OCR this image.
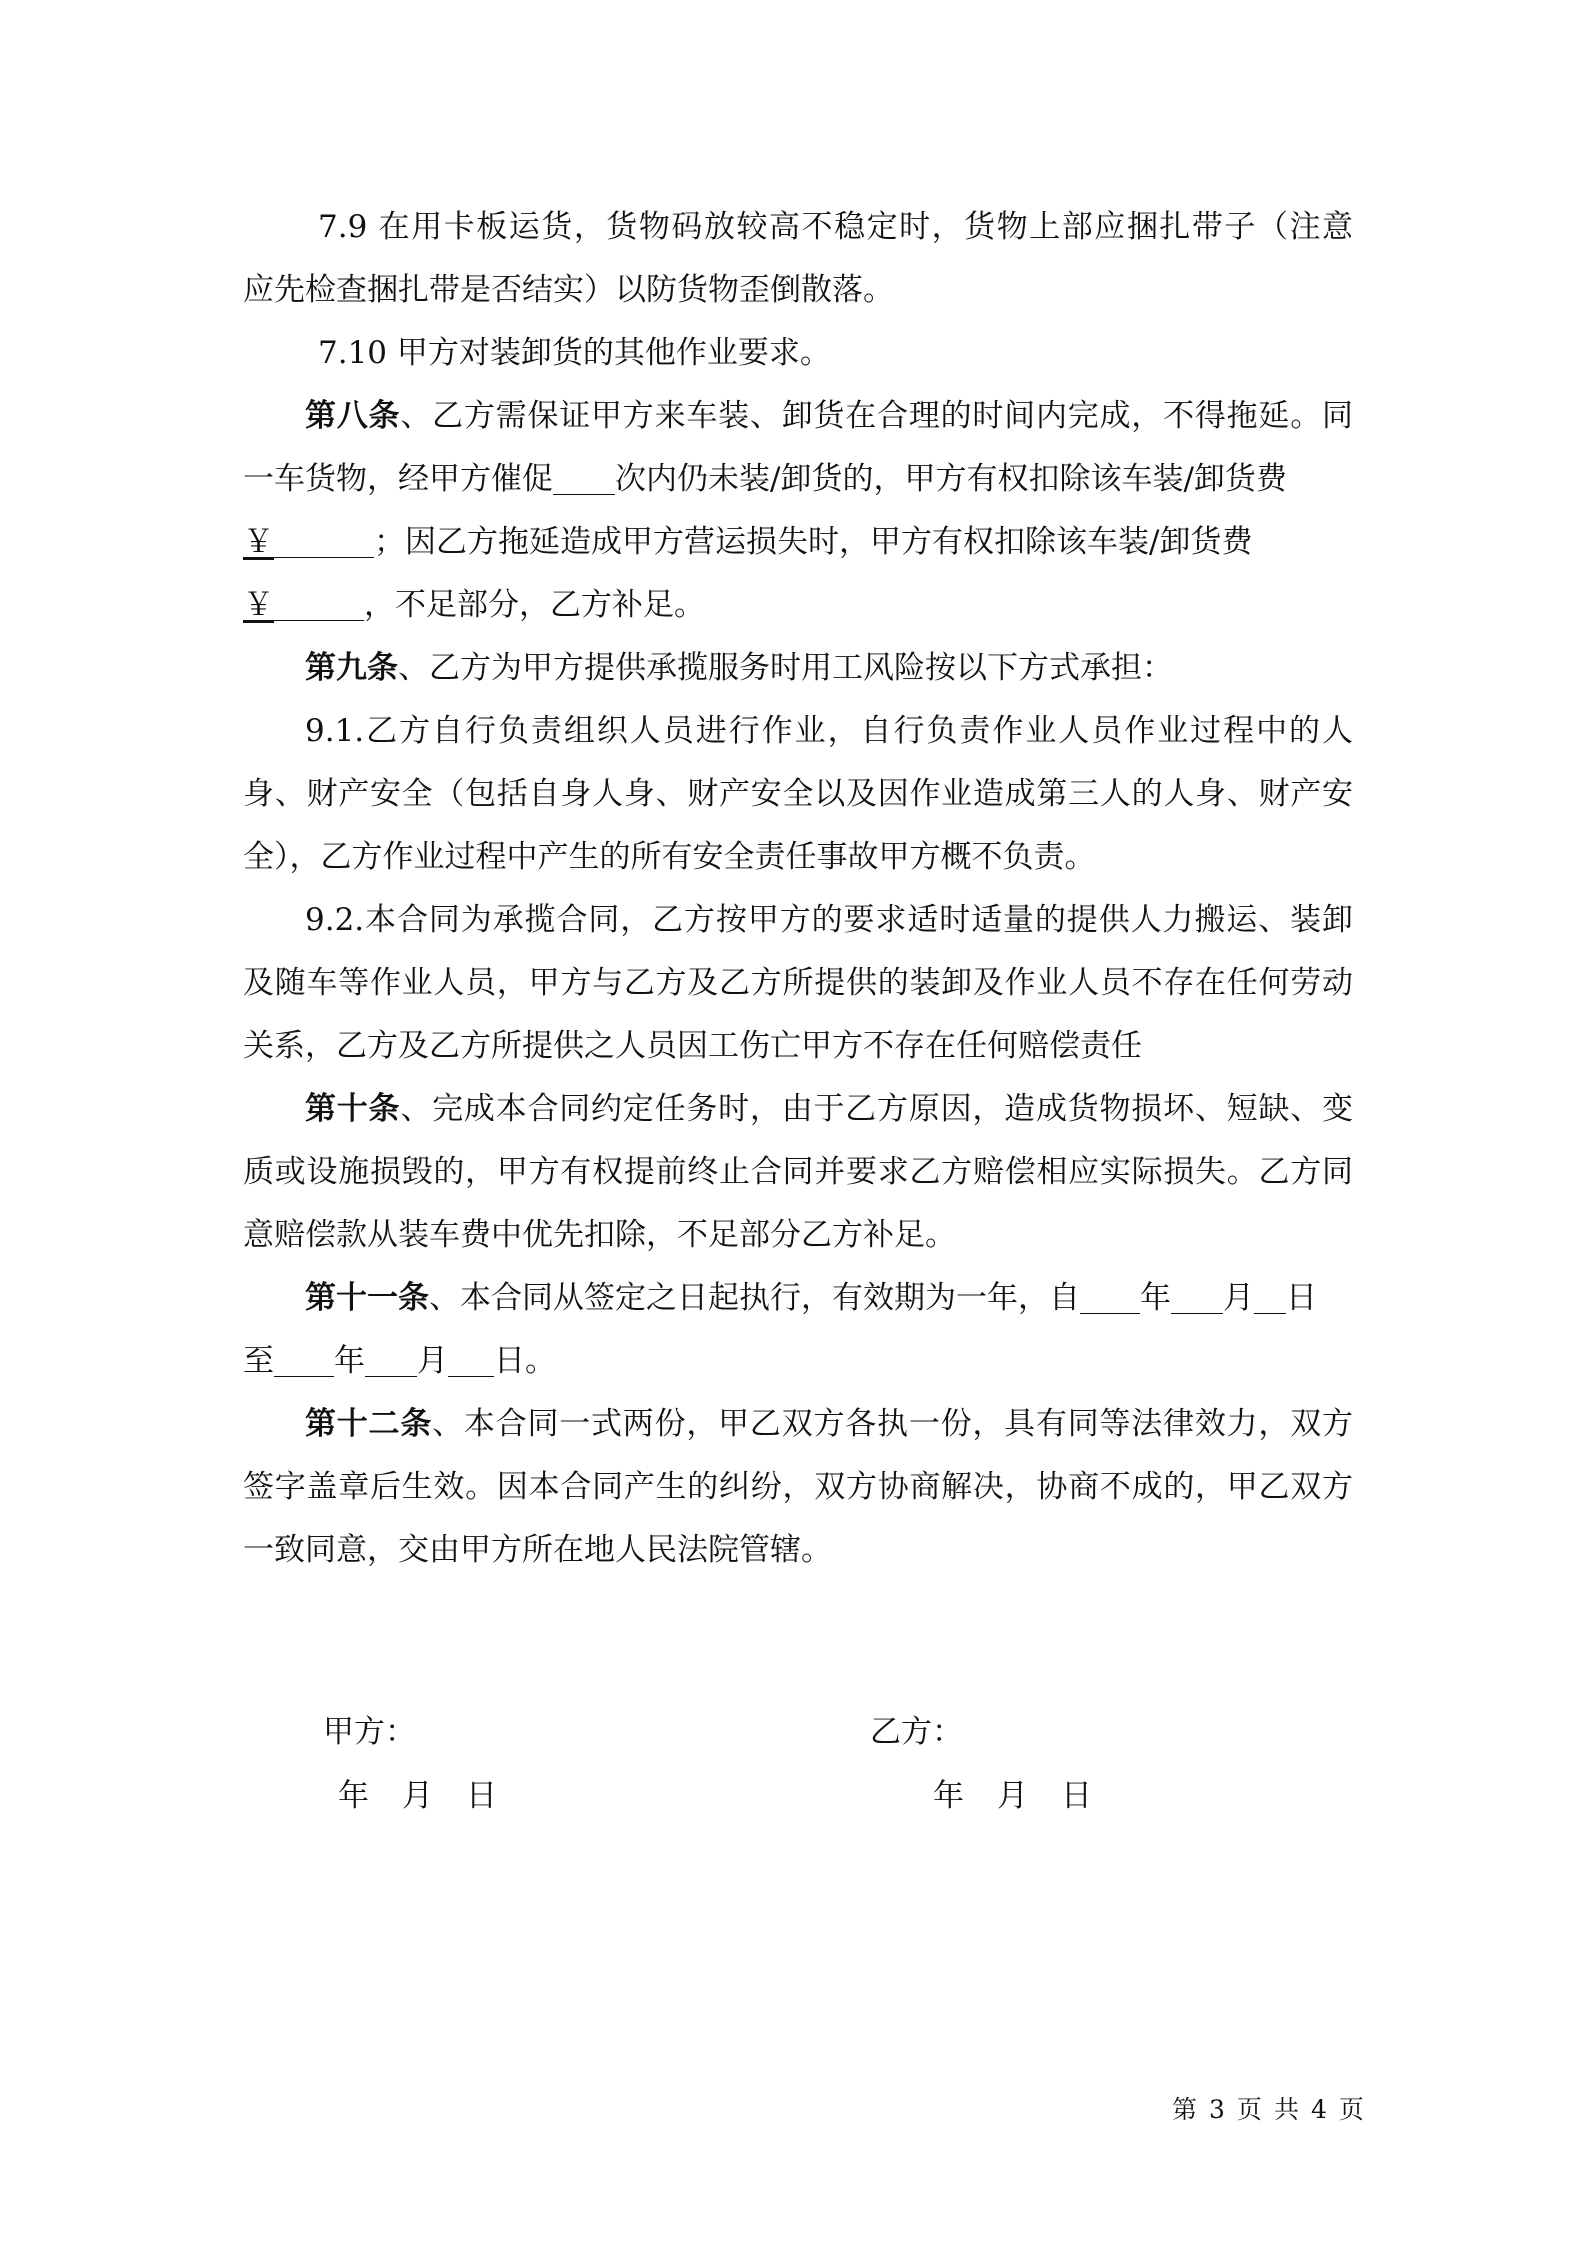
7.9 在用卡板运货，货物码放较高不稳定时，货物上部应捆扎带子（注意
应先检查捆扎带是否结实）以防货物歪倒散落。
7.10 甲方对装卸货的其他作业要求。
第八条、乙方需保证甲方来车装、卸货在合理的时间内完成，不得拖延。同
一车货物，经甲方催促 次内仍未装/卸货的，甲方有权扣除该车装/卸货费
￥	；因乙方拖延造成甲方营运损失时，甲方有权扣除该车装/卸货费
￥	，不足部分，乙方补足。
第九条、乙方为甲方提供承揽服务时用工风险按以下方式承担：
9.1.乙方自行负责组织人员进行作业，自行负责作业人员作业过程中的人
身、财产安全（包括自身人身、财产安全以及因作业造成第三人的人身、财产安
全），乙方作业过程中产生的所有安全责任事故甲方概不负责。
9.2.本合同为承揽合同，乙方按甲方的要求适时适量的提供人力搬运、装卸
及随车等作业人员，甲方与乙方及乙方所提供的装卸及作业人员不存在任何劳动
关系，乙方及乙方所提供之人员因工伤亡甲方不存在任何赔偿责任
第十条、完成本合同约定任务时，由于乙方原因，造成货物损坏、短缺、变
质或设施损毁的，甲方有权提前终止合同并要求乙方赔偿相应实际损失。乙方同
意赔偿款从装车费中优先扣除，不足部分乙方补足。
第十一条、本合同从签定之日起执行，有效期为一年，自 年 月 日
至 年 月 日。
第十二条、本合同一式两份，甲乙双方各执一份，具有同等法律效力，双方
签字盖章后生效。因本合同产生的纠纷，双方协商解决，协商不成的，甲乙双方
一致同意，交由甲方所在地人民法院管辖。
甲方：	乙方：
年 月 日	年 月 日
第 3 页 共 4 页
